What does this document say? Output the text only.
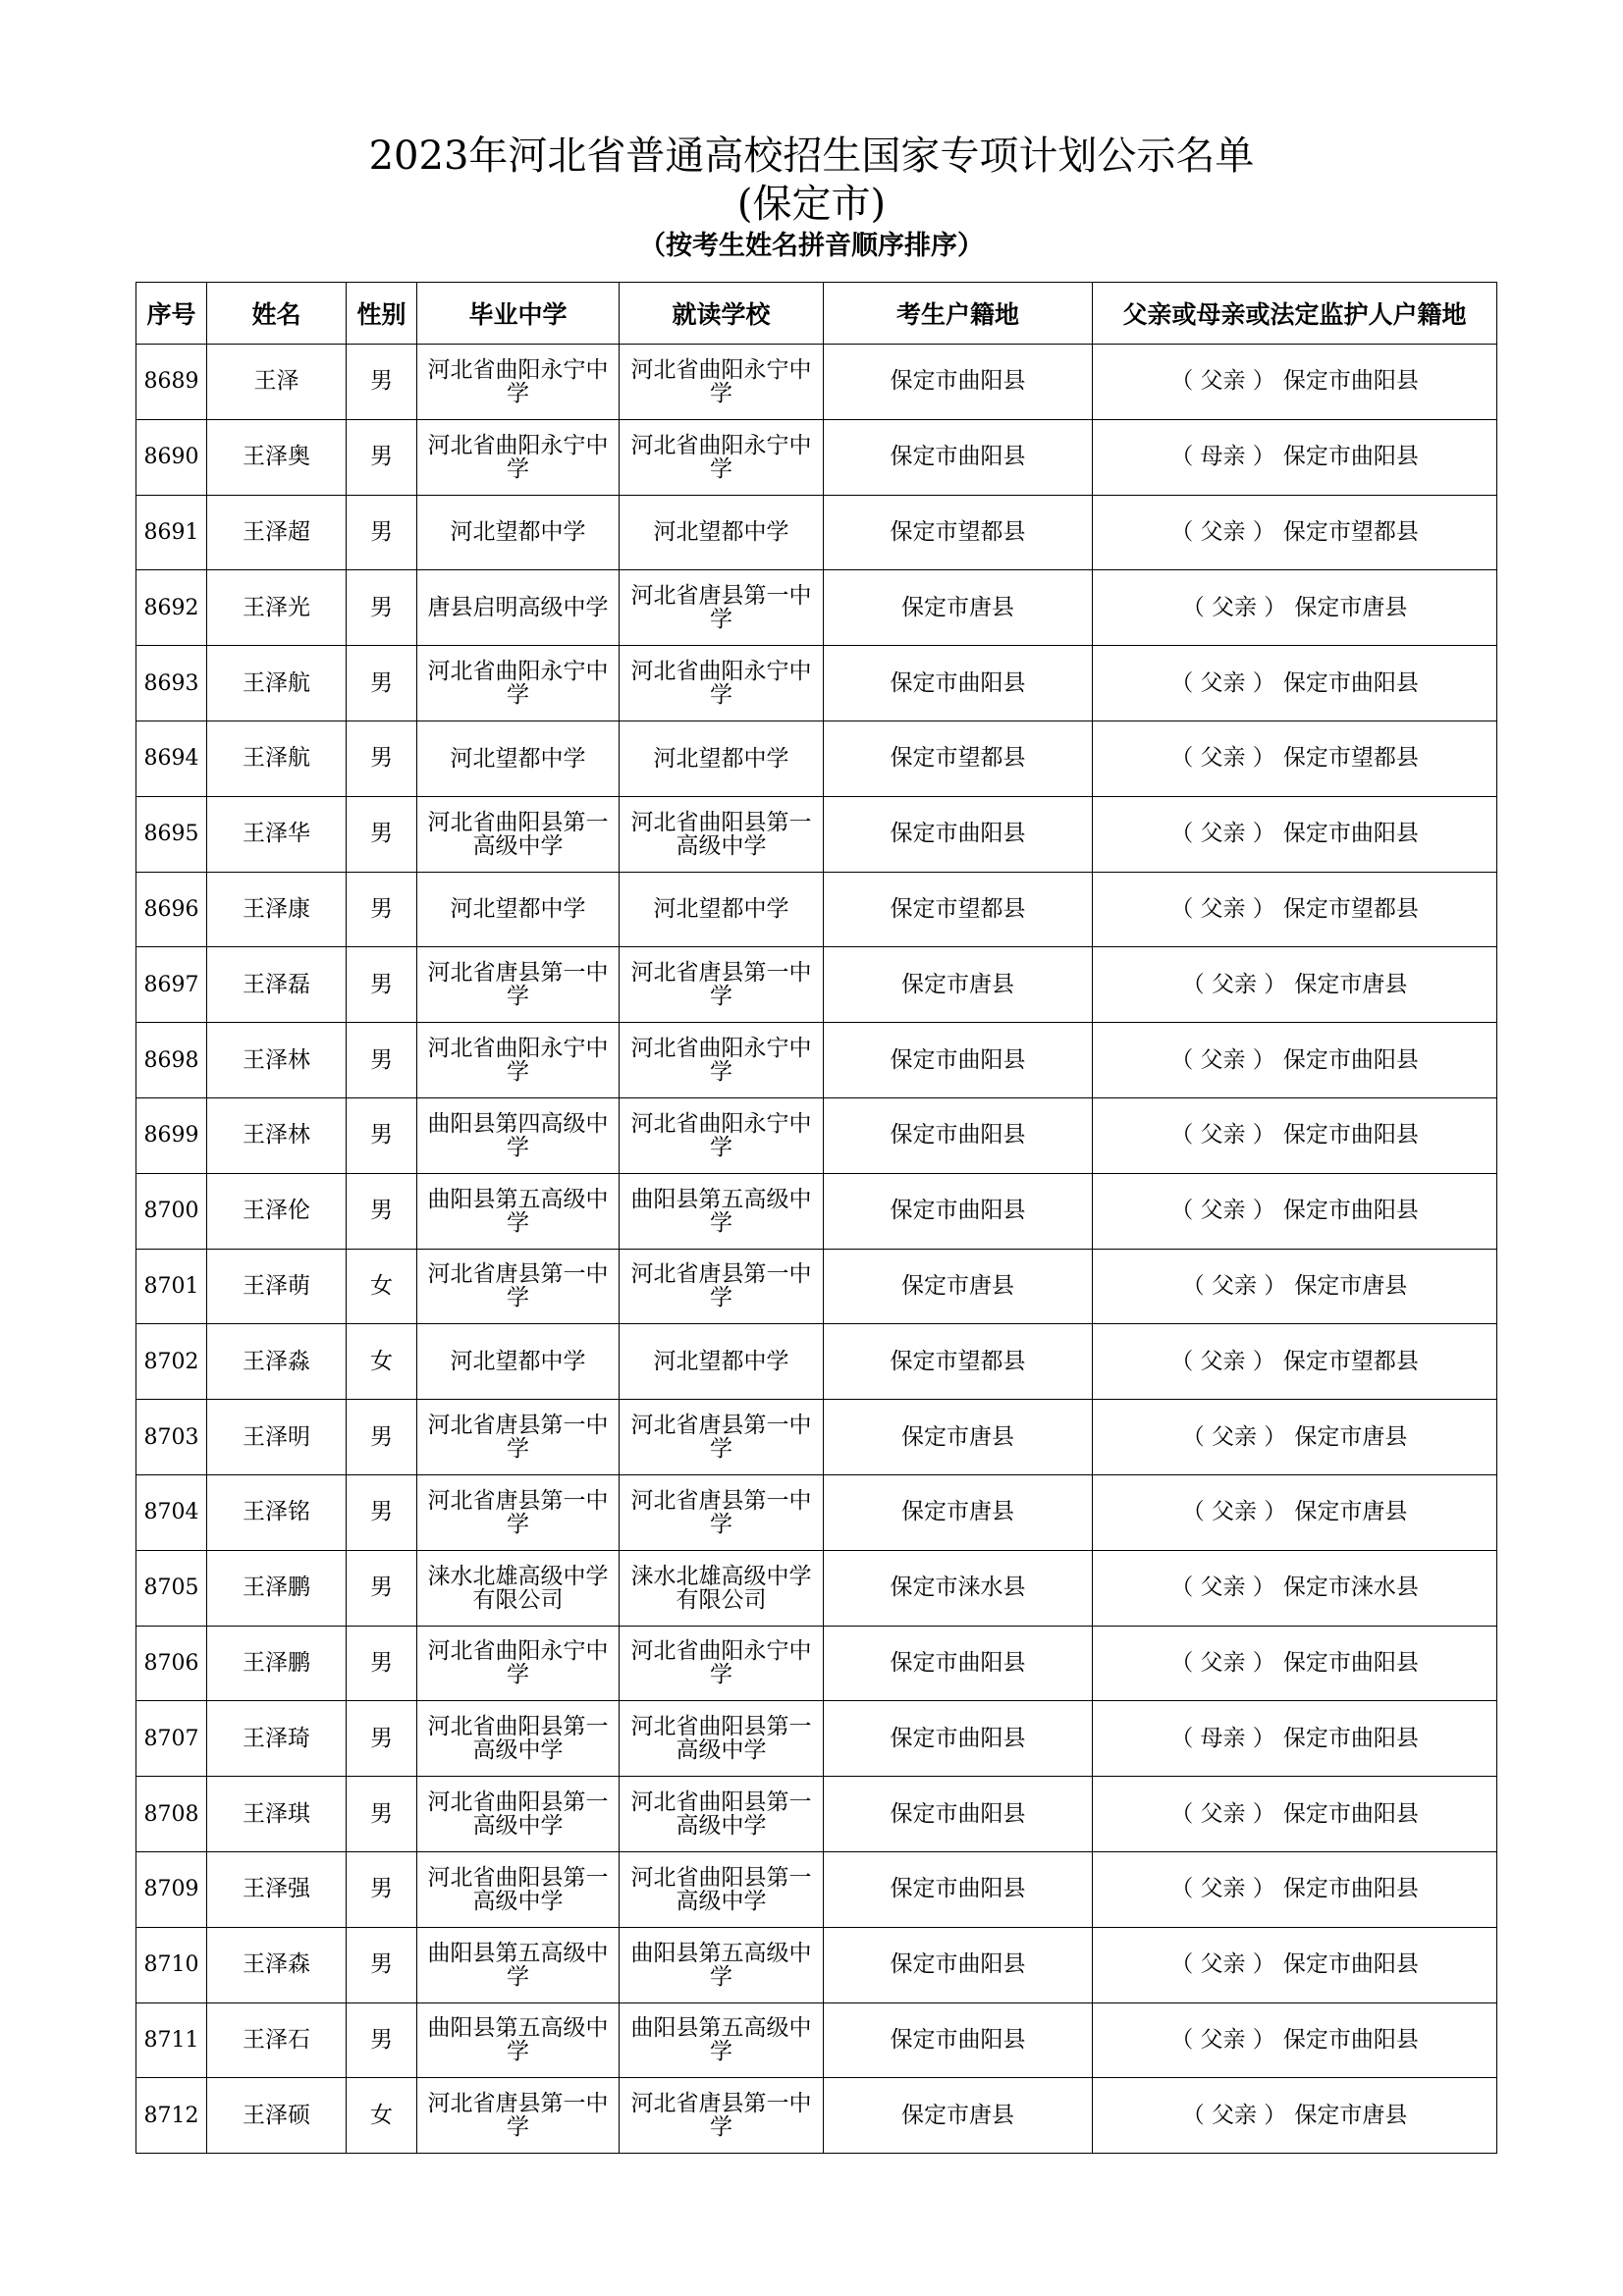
2023年河北省普通高校招生国家专项计划公示名单
(保定市)
（按考生姓名拼音顺序排序）
序号	姓名	性别	毕业中学	就读学校	考生户籍地	父亲或母亲或法定监护人户籍地
8689	王泽	男	河北省曲阳永宁中学	河北省曲阳永宁中学	保定市曲阳县	（ 父亲 ） 保定市曲阳县
8690	王泽奥	男	河北省曲阳永宁中学	河北省曲阳永宁中学	保定市曲阳县	（ 母亲 ） 保定市曲阳县
8691	王泽超	男	河北望都中学	河北望都中学	保定市望都县	（ 父亲 ） 保定市望都县
8692	王泽光	男	唐县启明高级中学	河北省唐县第一中学	保定市唐县	（ 父亲 ） 保定市唐县
8693	王泽航	男	河北省曲阳永宁中学	河北省曲阳永宁中学	保定市曲阳县	（ 父亲 ） 保定市曲阳县
8694	王泽航	男	河北望都中学	河北望都中学	保定市望都县	（ 父亲 ） 保定市望都县
8695	王泽华	男	河北省曲阳县第一高级中学	河北省曲阳县第一高级中学	保定市曲阳县	（ 父亲 ） 保定市曲阳县
8696	王泽康	男	河北望都中学	河北望都中学	保定市望都县	（ 父亲 ） 保定市望都县
8697	王泽磊	男	河北省唐县第一中学	河北省唐县第一中学	保定市唐县	（ 父亲 ） 保定市唐县
8698	王泽林	男	河北省曲阳永宁中学	河北省曲阳永宁中学	保定市曲阳县	（ 父亲 ） 保定市曲阳县
8699	王泽林	男	曲阳县第四高级中学	河北省曲阳永宁中学	保定市曲阳县	（ 父亲 ） 保定市曲阳县
8700	王泽伦	男	曲阳县第五高级中学	曲阳县第五高级中学	保定市曲阳县	（ 父亲 ） 保定市曲阳县
8701	王泽萌	女	河北省唐县第一中学	河北省唐县第一中学	保定市唐县	（ 父亲 ） 保定市唐县
8702	王泽淼	女	河北望都中学	河北望都中学	保定市望都县	（ 父亲 ） 保定市望都县
8703	王泽明	男	河北省唐县第一中学	河北省唐县第一中学	保定市唐县	（ 父亲 ） 保定市唐县
8704	王泽铭	男	河北省唐县第一中学	河北省唐县第一中学	保定市唐县	（ 父亲 ） 保定市唐县
8705	王泽鹏	男	涞水北雄高级中学有限公司	涞水北雄高级中学有限公司	保定市涞水县	（ 父亲 ） 保定市涞水县
8706	王泽鹏	男	河北省曲阳永宁中学	河北省曲阳永宁中学	保定市曲阳县	（ 父亲 ） 保定市曲阳县
8707	王泽琦	男	河北省曲阳县第一高级中学	河北省曲阳县第一高级中学	保定市曲阳县	（ 母亲 ） 保定市曲阳县
8708	王泽琪	男	河北省曲阳县第一高级中学	河北省曲阳县第一高级中学	保定市曲阳县	（ 父亲 ） 保定市曲阳县
8709	王泽强	男	河北省曲阳县第一高级中学	河北省曲阳县第一高级中学	保定市曲阳县	（ 父亲 ） 保定市曲阳县
8710	王泽森	男	曲阳县第五高级中学	曲阳县第五高级中学	保定市曲阳县	（ 父亲 ） 保定市曲阳县
8711	王泽石	男	曲阳县第五高级中学	曲阳县第五高级中学	保定市曲阳县	（ 父亲 ） 保定市曲阳县
8712	王泽硕	女	河北省唐县第一中学	河北省唐县第一中学	保定市唐县	（ 父亲 ） 保定市唐县
